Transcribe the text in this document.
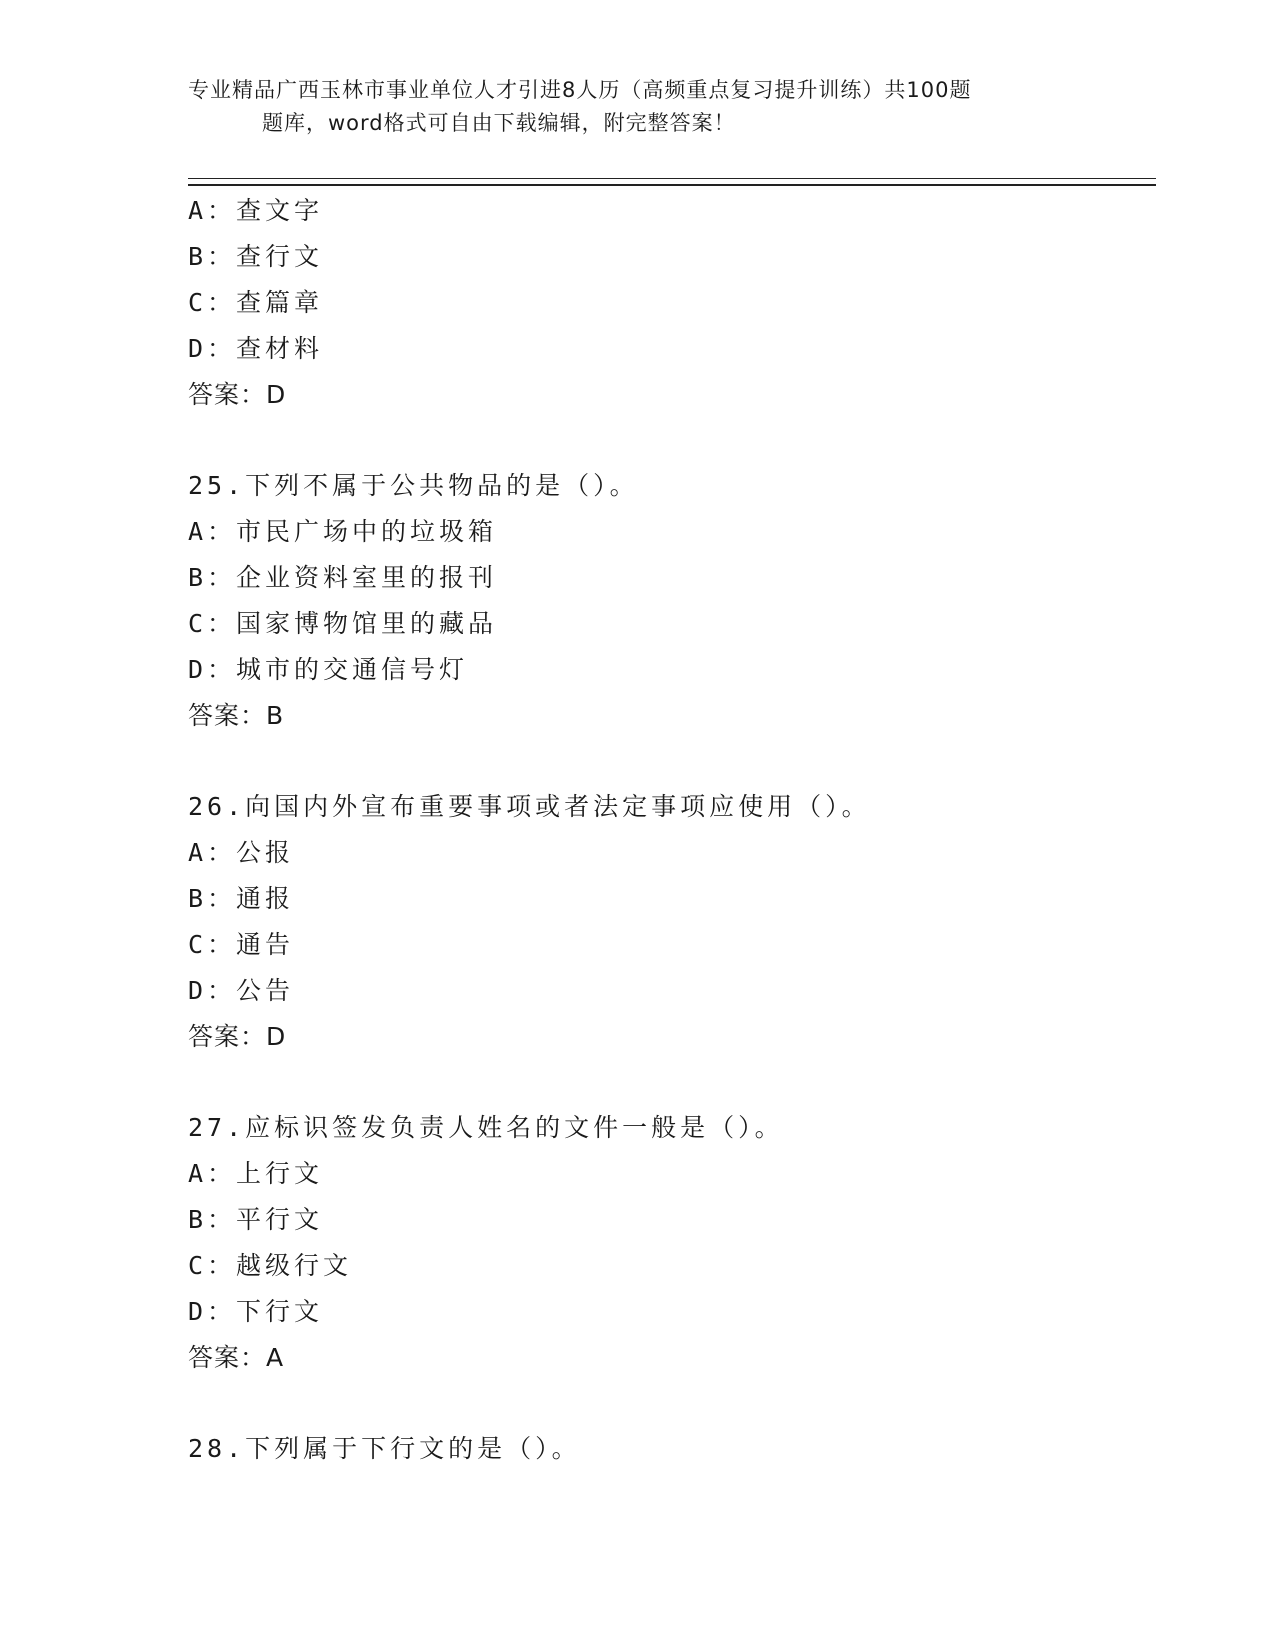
专业精品广西玉林市事业单位人才引进8人历（高频重点复习提升训练）共100题

题库，word格式可自由下载编辑，附完整答案！
A：查文字
B：查行文
C：查篇章
D：查材料
答案：D
25.下列不属于公共物品的是（）。
A：市民广场中的垃圾箱
B：企业资料室里的报刊
C：国家博物馆里的藏品
D：城市的交通信号灯
答案：B
26.向国内外宣布重要事项或者法定事项应使用（）。
A：公报
B：通报
C：通告
D：公告
答案：D
27.应标识签发负责人姓名的文件一般是（）。
A：上行文
B：平行文
C：越级行文
D：下行文
答案：A
28.下列属于下行文的是（）。
